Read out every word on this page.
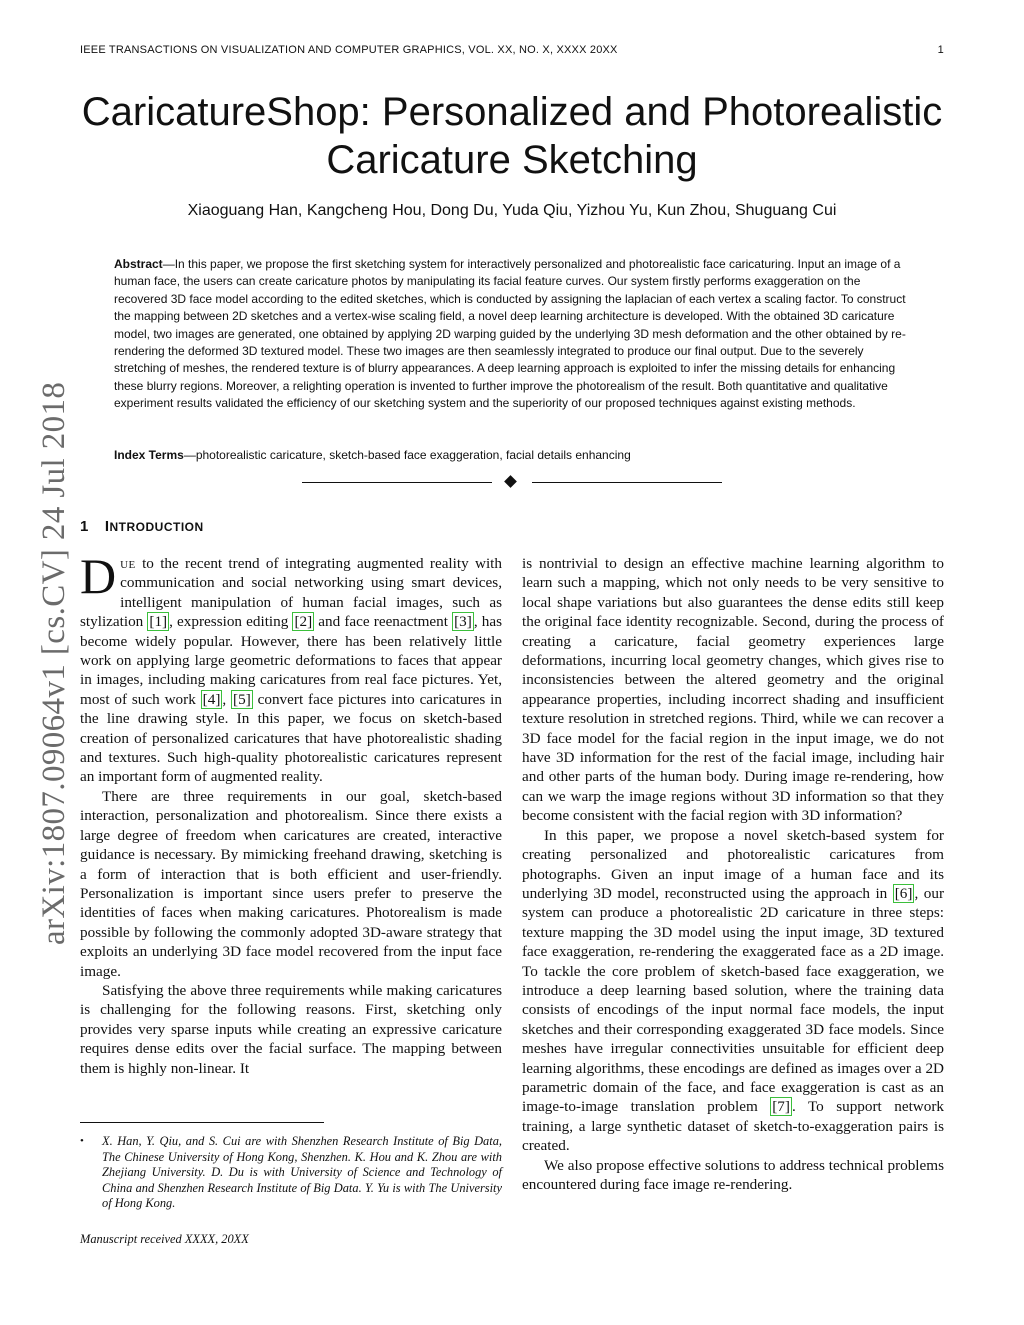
IEEE TRANSACTIONS ON VISUALIZATION AND COMPUTER GRAPHICS, VOL. XX, NO. X, XXXX 20XX	1
arXiv:1807.09064v1 [cs.CV] 24 Jul 2018
CaricatureShop: Personalized and Photorealistic Caricature Sketching
Xiaoguang Han, Kangcheng Hou, Dong Du, Yuda Qiu, Yizhou Yu, Kun Zhou, Shuguang Cui

Abstract—In this paper, we propose the first sketching system for interactively personalized and photorealistic face caricaturing. Input an image of a human face, the users can create caricature photos by manipulating its facial feature curves. Our system firstly performs exaggeration on the recovered 3D face model according to the edited sketches, which is conducted by assigning the laplacian of each vertex a scaling factor. To construct the mapping between 2D sketches and a vertex-wise scaling field, a novel deep learning architecture is developed. With the obtained 3D caricature model, two images are generated, one obtained by applying 2D warping guided by the underlying 3D mesh deformation and the other obtained by re-rendering the deformed 3D textured model. These two images are then seamlessly integrated to produce our final output. Due to the severely stretching of meshes, the rendered texture is of blurry appearances. A deep learning approach is exploited to infer the missing details for enhancing these blurry regions. Moreover, a relighting operation is invented to further improve the photorealism of the result. Both quantitative and qualitative experiment results validated the efficiency of our sketching system and the superiority of our proposed techniques against existing methods.

Index Terms—photorealistic caricature, sketch-based face exaggeration, facial details enhancing

1 INTRODUCTION

Due to the recent trend of integrating augmented reality with communication and social networking using smart devices, intelligent manipulation of human facial images, such as stylization [1] , expression editing [2] and face reenactment [3] , has become widely popular. However, there has been relatively little work on applying large geometric deformations to faces that appear in images, including making caricatures from real face pictures. Yet, most of such work [4] , [5] convert face pictures into caricatures in the line drawing style. In this paper, we focus on sketch-based creation of personalized caricatures that have photorealistic shading and textures. Such high-quality photorealistic caricatures represent an important form of augmented reality.

There are three requirements in our goal, sketch-based interaction, personalization and photorealism. Since there exists a large degree of freedom when caricatures are created, interactive guidance is necessary. By mimicking freehand drawing, sketching is a form of interaction that is both efficient and user-friendly. Personalization is important since users prefer to preserve the identities of faces when making caricatures. Photorealism is made possible by following the commonly adopted 3D-aware strategy that exploits an underlying 3D face model recovered from the input face image.

Satisfying the above three requirements while making caricatures is challenging for the following reasons. First, sketching only provides very sparse inputs while creating an expressive caricature requires dense edits over the facial surface. The mapping between them is highly non-linear. It

is nontrivial to design an effective machine learning algorithm to learn such a mapping, which not only needs to be very sensitive to local shape variations but also guarantees the dense edits still keep the original face identity recognizable. Second, during the process of creating a caricature, facial geometry experiences large deformations, incurring local geometry changes, which gives rise to inconsistencies between the altered geometry and the original appearance properties, including incorrect shading and insufficient texture resolution in stretched regions. Third, while we can recover a 3D face model for the facial region in the input image, we do not have 3D information for the rest of the facial image, including hair and other parts of the human body. During image re-rendering, how can we warp the image regions without 3D information so that they become consistent with the facial region with 3D information?

In this paper, we propose a novel sketch-based system for creating personalized and photorealistic caricatures from photographs. Given an input image of a human face and its underlying 3D model, reconstructed using the approach in [6] , our system can produce a photorealistic 2D caricature in three steps: texture mapping the 3D model using the input image, 3D textured face exaggeration, re-rendering the exaggerated face as a 2D image. To tackle the core problem of sketch-based face exaggeration, we introduce a deep learning based solution, where the training data consists of encodings of the input normal face models, the input sketches and their corresponding exaggerated 3D face models. Since meshes have irregular connectivities unsuitable for efficient deep learning algorithms, these encodings are defined as images over a 2D parametric domain of the face, and face exaggeration is cast as an image-to-image translation problem [7] . To support network training, a large synthetic dataset of sketch-to-exaggeration pairs is created.

We also propose effective solutions to address technical problems encountered during face image re-rendering.

•	X. Han, Y. Qiu, and S. Cui are with Shenzhen Research Institute of Big Data, The Chinese University of Hong Kong, Shenzhen. K. Hou and K. Zhou are with Zhejiang University. D. Du is with University of Science and Technology of China and Shenzhen Research Institute of Big Data. Y. Yu is with The University of Hong Kong.

Manuscript received XXXX, 20XX
